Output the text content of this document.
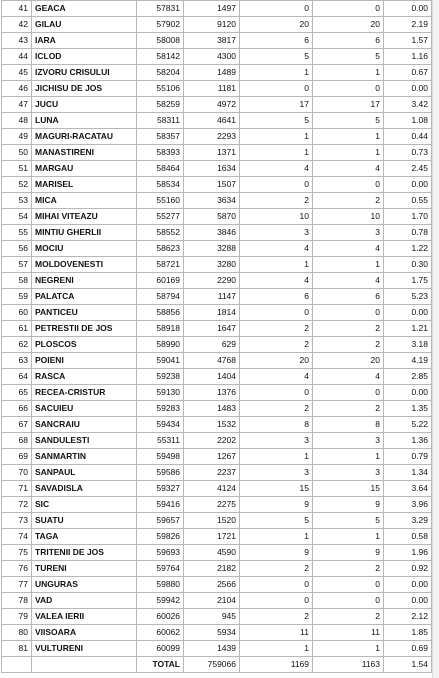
41	GEACA	57831	1497	0	0	0.00
42	GILAU	57902	9120	20	20	2.19
43	IARA	58008	3817	6	6	1.57
44	ICLOD	58142	4300	5	5	1.16
45	IZVORU CRISULUI	58204	1489	1	1	0.67
46	JICHISU DE JOS	55106	1181	0	0	0.00
47	JUCU	58259	4972	17	17	3.42
48	LUNA	58311	4641	5	5	1.08
49	MAGURI-RACATAU	58357	2293	1	1	0.44
50	MANASTIRENI	58393	1371	1	1	0.73
51	MARGAU	58464	1634	4	4	2.45
52	MARISEL	58534	1507	0	0	0.00
53	MICA	55160	3634	2	2	0.55
54	MIHAI VITEAZU	55277	5870	10	10	1.70
55	MINTIU GHERLII	58552	3846	3	3	0.78
56	MOCIU	58623	3288	4	4	1.22
57	MOLDOVENESTI	58721	3280	1	1	0.30
58	NEGRENI	60169	2290	4	4	1.75
59	PALATCA	58794	1147	6	6	5.23
60	PANTICEU	58856	1814	0	0	0.00
61	PETRESTII DE JOS	58918	1647	2	2	1.21
62	PLOSCOS	58990	629	2	2	3.18
63	POIENI	59041	4768	20	20	4.19
64	RASCA	59238	1404	4	4	2.85
65	RECEA-CRISTUR	59130	1376	0	0	0.00
66	SACUIEU	59283	1483	2	2	1.35
67	SANCRAIU	59434	1532	8	8	5.22
68	SANDULESTI	55311	2202	3	3	1.36
69	SANMARTIN	59498	1267	1	1	0.79
70	SANPAUL	59586	2237	3	3	1.34
71	SAVADISLA	59327	4124	15	15	3.64
72	SIC	59416	2275	9	9	3.96
73	SUATU	59657	1520	5	5	3.29
74	TAGA	59826	1721	1	1	0.58
75	TRITENII DE JOS	59693	4590	9	9	1.96
76	TURENI	59764	2182	2	2	0.92
77	UNGURAS	59880	2566	0	0	0.00
78	VAD	59942	2104	0	0	0.00
79	VALEA IERII	60026	945	2	2	2.12
80	VIISOARA	60062	5934	11	11	1.85
81	VULTURENI	60099	1439	1	1	0.69
		TOTAL	759066	1169	1163	1.54
